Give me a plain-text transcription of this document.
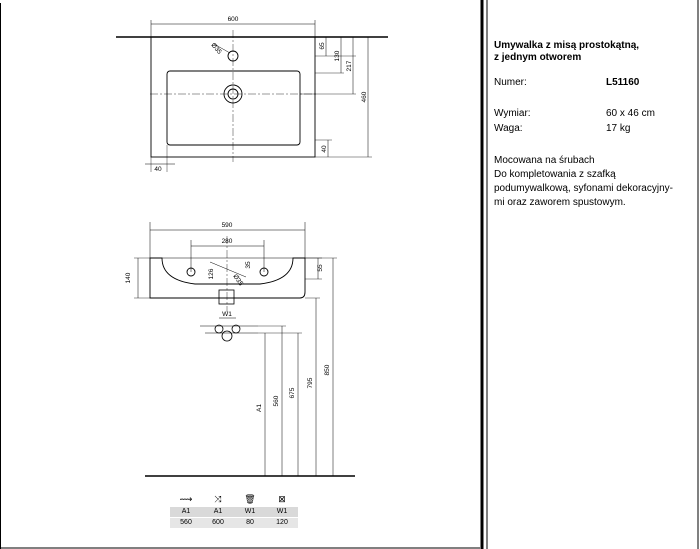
600
Ø35	65
130
217
460
40
40
590
280
140	126
35
Ø35
55
850
795
W1
A1
560
675
⟿	⤨	🗑	⊠
A1	A1	W1	W1
560	600	80	120
Umywalka z misą prostokątną,
z jednym otworem
Numer:	L51160
Wymiar:	60 x 46 cm
Waga:	17 kg
Mocowana na śrubach
Do kompletowania z szafką
podumywalkową, syfonami dekoracyjny-
mi oraz zaworem spustowym.
